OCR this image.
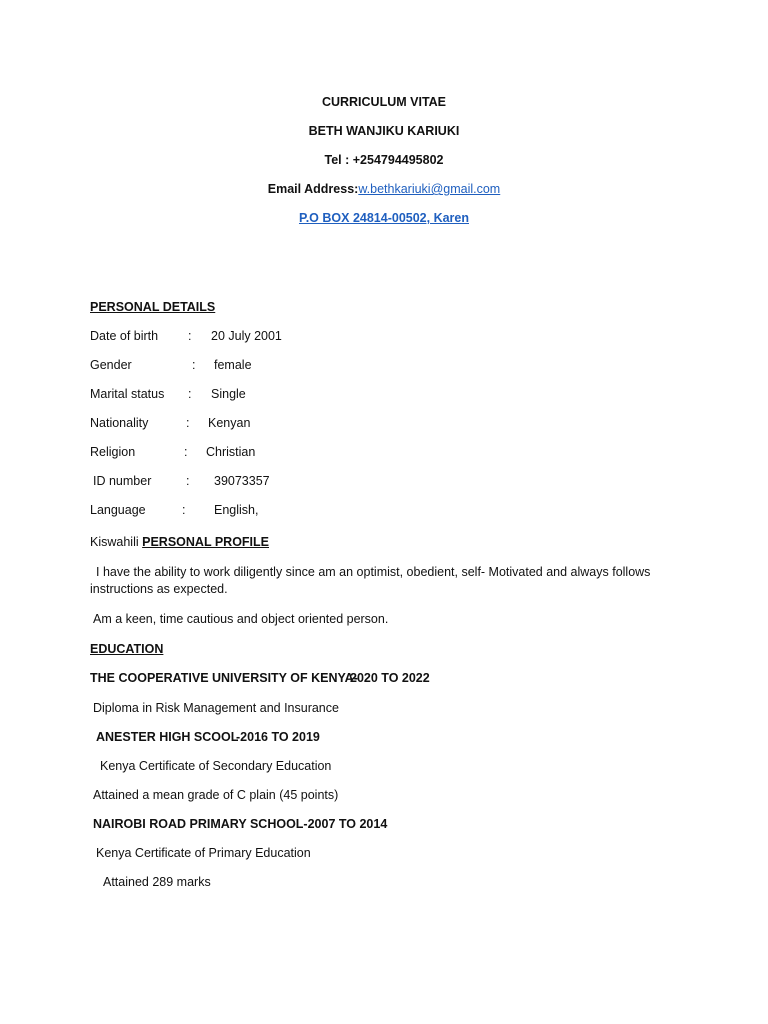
CURRICULUM VITAE
BETH WANJIKU KARIUKI
Tel : +254794495802
Email Address:w.bethkariuki@gmail.com
P.O BOX 24814-00502, Karen
PERSONAL DETAILS
Date of birth : 20 July 2001
Gender	: female
Marital status : Single
Nationality	: Kenyan
Religion	: Christian
ID number	: 39073357
Language	: English,
Kiswahili PERSONAL PROFILE
I have the ability to work diligently since am an optimist, obedient, self- Motivated and always follows instructions as expected.
Am a keen, time cautious and object oriented person.
EDUCATION
THE COOPERATIVE UNIVERSITY OF KENYA-
2020 TO 2022
Diploma in Risk Management and Insurance
ANESTER HIGH SCOOL
-2016 TO 2019
Kenya Certificate of Secondary Education
Attained a mean grade of C plain (45 points)
NAIROBI ROAD PRIMARY SCHOOL-2007 TO 2014
Kenya Certificate of Primary Education
Attained 289 marks
